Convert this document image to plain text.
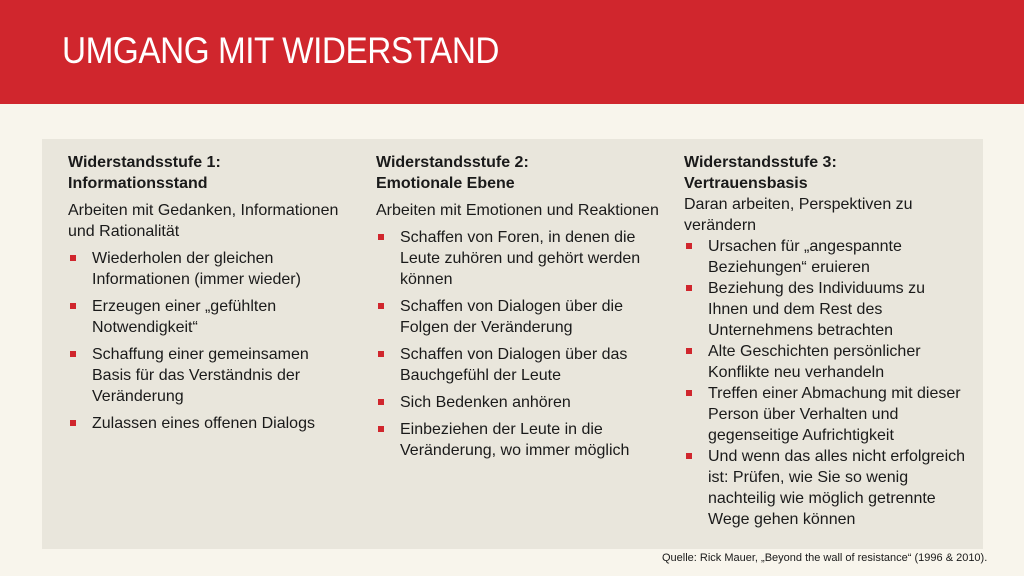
UMGANG MIT WIDERSTAND

Widerstandsstufe 1:
Informationsstand

Arbeiten mit Gedanken, Informationen und Rationalität

Wiederholen der gleichen Informationen (immer wieder)
Erzeugen einer „gefühlten Notwendigkeit“
Schaffung einer gemeinsamen Basis für das Verständnis der Veränderung
Zulassen eines offenen Dialogs

Widerstandsstufe 2:
Emotionale Ebene

Arbeiten mit Emotionen und Reaktionen

Schaffen von Foren, in denen die Leute zuhören und gehört werden können
Schaffen von Dialogen über die Folgen der Veränderung
Schaffen von Dialogen über das Bauchgefühl der Leute
Sich Bedenken anhören
Einbeziehen der Leute in die Veränderung, wo immer möglich

Widerstandsstufe 3:
Vertrauensbasis

Daran arbeiten, Perspektiven zu verändern

Ursachen für „angespannte Beziehungen“ eruieren
Beziehung des Individuums zu Ihnen und dem Rest des Unternehmens betrachten
Alte Geschichten persönlicher Konflikte neu verhandeln
Treffen einer Abmachung mit dieser Person über Verhalten und gegenseitige Aufrichtigkeit
Und wenn das alles nicht erfolgreich ist: Prüfen, wie Sie so wenig nachteilig wie möglich getrennte Wege gehen können
Quelle: Rick Mauer, „Beyond the wall of resistance“ (1996 & 2010).
